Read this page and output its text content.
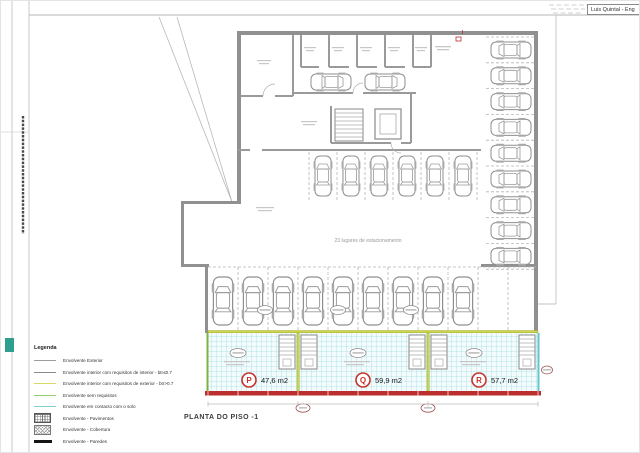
23 lugares de estacionamento
P 47,6 m2	Q 59,9 m2	R 57,7 m2
Luis Quintal - Eng
Legenda
Envolvente Exterior
Envolvente interior com requisitos de interior - btr≤0.7
Envolvente interior com requisitos de exterior - btr>0.7
Envolvente sem requisitos
Envolvente em contacto com o solo
Envolvente - Pavimentos
Envolvente - Cobertura
Envolvente - Paredes
PLANTA DO PISO -1
